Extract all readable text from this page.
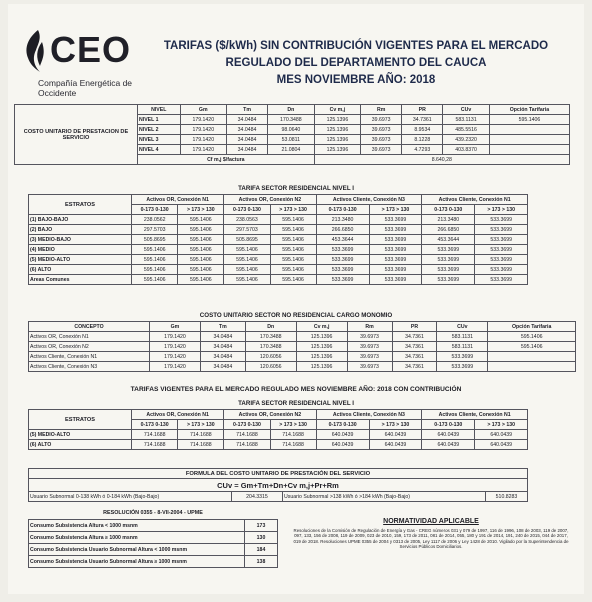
CEO
Compañía Energética de Occidente
TARIFAS ($/kWh) SIN CONTRIBUCIÓN VIGENTES PARA EL MERCADO
REGULADO DEL DEPARTAMENTO DEL CAUCA
MES NOVIEMBRE AÑO: 2018
COSTO UNITARIO DE PRESTACION DE SERVICIO	NIVEL	Gm	Tm	Dn	Cv m,j	Rm	PR	CUv	Opción Tarifaria
	NIVEL 1	179.1420	34.0484	170.3488	125.1396	39.6973	34.7361	583.1131	595.1406
	NIVEL 2	179.1420	34.0484	98.0640	125.1396	39.6973	8.9534	485.5516	
	NIVEL 3	179.1420	34.0484	53.0811	125.1396	39.6973	8.1228	439.2320	
	NIVEL 4	179.1420	34.0484	21.0804	125.1396	39.6973	4.7293	403.8370	
	Cf m,j $/factura				8.640,28				
TARIFA SECTOR RESIDENCIAL NIVEL I
ESTRATOS	Activos OR, Conexión N1		Activos OR, Conexión N2		Activos Cliente, Conexión N3		Activos Cliente, Conexión N1	
	0-173 0-130	> 173 > 130	0-173 0-130	> 173 > 130	0-173 0-130	> 173 > 130	0-173 0-130	> 173 > 130
(1) BAJO-BAJO	238.0562	595.1406	238.0563	595.1406	213.3480	533.3699	213.3480	533.3699
(2) BAJO	297.5703	595.1406	297.5703	595.1406	266.6850	533.3699	266.6850	533.3699
(3) MEDIO-BAJO	505.8695	595.1406	505.8695	595.1406	453.3644	533.3699	453.3644	533.3699
(4) MEDIO	595.1406	595.1406	595.1406	595.1406	533.3699	533.3699	533.3699	533.3699
(5) MEDIO-ALTO	595.1406	595.1406	595.1406	595.1406	533.3699	533.3699	533.3699	533.3699
(6) ALTO	595.1406	595.1406	595.1406	595.1406	533.3699	533.3699	533.3699	533.3699
Areas Comunes	595.1406	595.1406	595.1406	595.1406	533.3699	533.3699	533.3699	533.3699
COSTO UNITARIO SECTOR NO RESIDENCIAL CARGO MONOMIO
CONCEPTO	Gm	Tm	Dn	Cv m,j	Rm	PR	CUv	Opción Tarifaria
Activos OR, Conexión N1	179.1420	34.0484	170.3488	125.1396	39.6973	34.7361	583.1131	595.1406
Activos OR, Conexión N2	179.1420	34.0484	170.3488	125.1396	39.6973	34.7361	583.1131	595.1406
Activos Cliente, Conexión N1	179.1420	34.0484	120.6056	125.1396	39.6973	34.7361	533.3699	
Activos Cliente, Conexión N3	179.1420	34.0484	120.6056	125.1396	39.6973	34.7361	533.3699	
TARIFAS VIGENTES PARA EL MERCADO REGULADO MES NOVIEMBRE AÑO: 2018 CON CONTRIBUCIÓN
TARIFA SECTOR RESIDENCIAL NIVEL I
ESTRATOS	Activos OR, Conexión N1		Activos OR, Conexión N2		Activos Cliente, Conexión N3		Activos Cliente, Conexión N1	
	0-173 0-130	> 173 > 130	0-173 0-130	> 173 > 130	0-173 0-130	> 173 > 130	0-173 0-130	> 173 > 130
(5) MEDIO-ALTO	714.1688	714.1688	714.1688	714.1688	640.0439	640.0439	640.0439	640.0439
(6) ALTO	714.1688	714.1688	714.1688	714.1688	640.0439	640.0439	640.0439	640.0439
FORMULA DEL COSTO UNITARIO DE PRESTACIÓN DEL SERVICIO
CUv = Gm+Tm+Dn+Cv m,j+Pr+Rm
Usuario Subnormal 0-138 kWh ó 0-184 kWh (Bajo-Bajo)	204.3315	Usuario Subnormal >138 kWh ó >184 kWh (Bajo-Bajo)	510.8283
RESOLUCIÓN 0355 - 8-VII-2004 - UPME
Consumo Subsistencia Altura < 1000 msnm	173
Consumo Subsistencia Altura ≥ 1000 msnm	130
Consumo Subsistencia Usuario Subnormal Altura < 1000 msnm	184
Consumo Subsistencia Usuario Subnormal Altura ≥ 1000 msnm	138
NORMATIVIDAD APLICABLE
Resoluciones de la Comisión de Regulación de Energía y Gas - CREG números 031 y 079 de 1997, 116 de 1996, 108 de 2003, 119 de 2007, 097, 133, 156 de 2008, 119 de 2009, 023 de 2010, 159, 173 de 2011, 081 de 2014, 055, 180 y 191 de 2014, 191, 240 de 2015, 044 de 2017, 019 de 2018. Resoluciones UPME 0355 de 2004 y 0313 de 2005, Ley 1117 de 2006 y Ley 1428 de 2010. Vigilado por la Superintendencia de Servicios Públicos Domiciliarios.
